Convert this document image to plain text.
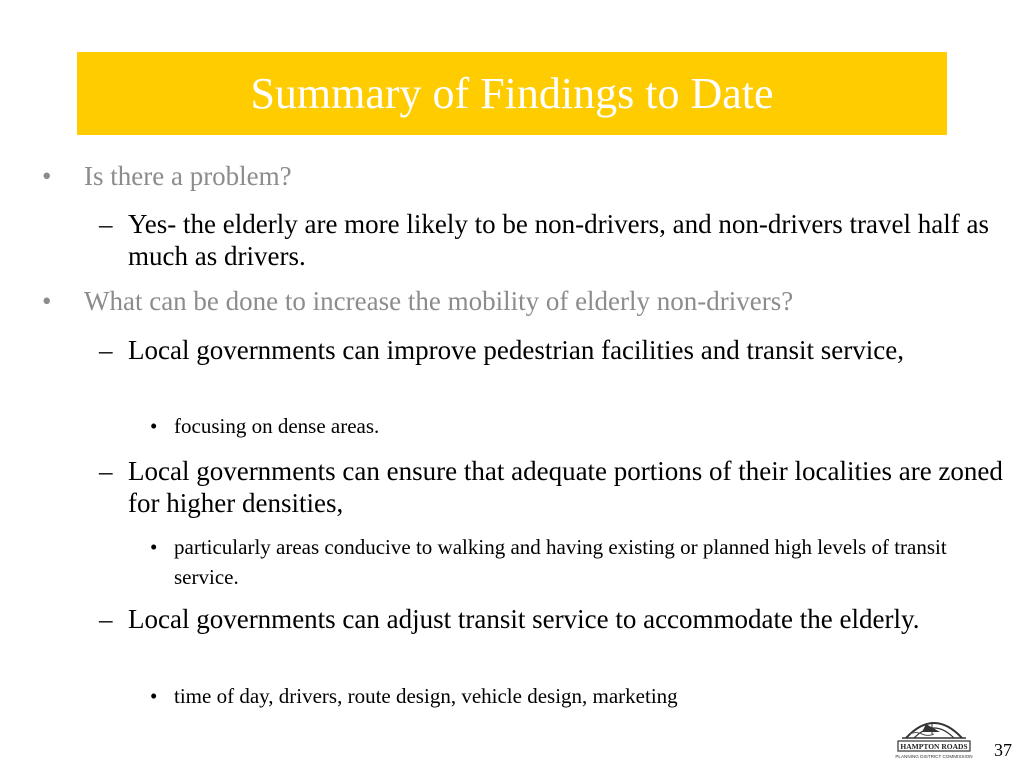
Summary of Findings to Date
•	Is there a problem?
– Yes- the elderly are more likely to be non-drivers, and non-drivers travel half as much as drivers.
•	What can be done to increase the mobility of elderly non-drivers?
– Local governments can improve pedestrian facilities and transit service,
• focusing on dense areas.
– Local governments can ensure that adequate portions of their localities are zoned for higher densities,
• particularly areas conducive to walking and having existing or planned high levels of transit service.
– Local governments can adjust transit service to accommodate the elderly.
• time of day, drivers, route design, vehicle design, marketing
HAMPTON ROADS
PLANNING DISTRICT COMMISSION 37
